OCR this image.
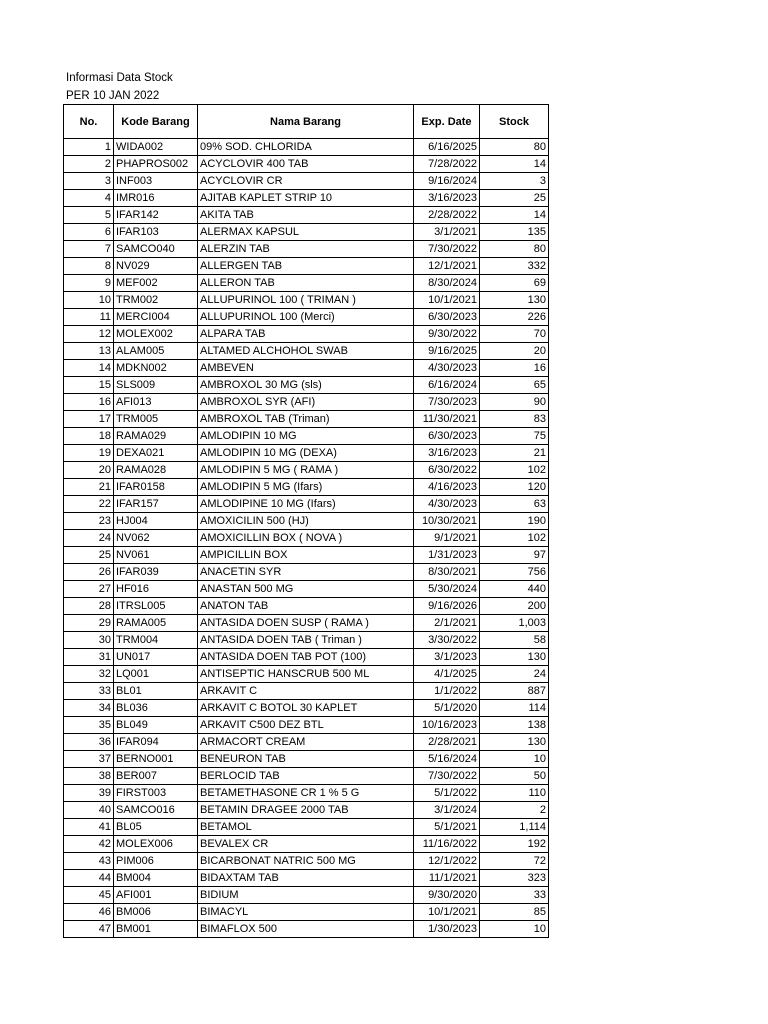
Informasi Data Stock
PER 10 JAN 2022
No.	Kode Barang	Nama Barang	Exp. Date	Stock
1	WIDA002	09% SOD. CHLORIDA	6/16/2025	80
2	PHAPROS002	ACYCLOVIR 400 TAB	7/28/2022	14
3	INF003	ACYCLOVIR CR	9/16/2024	3
4	IMR016	AJITAB KAPLET STRIP 10	3/16/2023	25
5	IFAR142	AKITA TAB	2/28/2022	14
6	IFAR103	ALERMAX KAPSUL	3/1/2021	135
7	SAMCO040	ALERZIN TAB	7/30/2022	80
8	NV029	ALLERGEN TAB	12/1/2021	332
9	MEF002	ALLERON TAB	8/30/2024	69
10	TRM002	ALLUPURINOL 100 ( TRIMAN )	10/1/2021	130
11	MERCI004	ALLUPURINOL 100 (Merci)	6/30/2023	226
12	MOLEX002	ALPARA TAB	9/30/2022	70
13	ALAM005	ALTAMED ALCHOHOL SWAB	9/16/2025	20
14	MDKN002	AMBEVEN	4/30/2023	16
15	SLS009	AMBROXOL 30 MG (sls)	6/16/2024	65
16	AFI013	AMBROXOL SYR (AFI)	7/30/2023	90
17	TRM005	AMBROXOL TAB (Triman)	11/30/2021	83
18	RAMA029	AMLODIPIN 10 MG	6/30/2023	75
19	DEXA021	AMLODIPIN 10 MG (DEXA)	3/16/2023	21
20	RAMA028	AMLODIPIN 5 MG ( RAMA )	6/30/2022	102
21	IFAR0158	AMLODIPIN 5 MG (Ifars)	4/16/2023	120
22	IFAR157	AMLODIPINE 10 MG (Ifars)	4/30/2023	63
23	HJ004	AMOXICILIN 500 (HJ)	10/30/2021	190
24	NV062	AMOXICILLIN BOX ( NOVA )	9/1/2021	102
25	NV061	AMPICILLIN BOX	1/31/2023	97
26	IFAR039	ANACETIN SYR	8/30/2021	756
27	HF016	ANASTAN 500 MG	5/30/2024	440
28	ITRSL005	ANATON TAB	9/16/2026	200
29	RAMA005	ANTASIDA DOEN SUSP ( RAMA )	2/1/2021	1,003
30	TRM004	ANTASIDA DOEN TAB ( Triman )	3/30/2022	58
31	UN017	ANTASIDA DOEN TAB POT (100)	3/1/2023	130
32	LQ001	ANTISEPTIC HANSCRUB 500 ML	4/1/2025	24
33	BL01	ARKAVIT C	1/1/2022	887
34	BL036	ARKAVIT C BOTOL 30 KAPLET	5/1/2020	114
35	BL049	ARKAVIT C500 DEZ BTL	10/16/2023	138
36	IFAR094	ARMACORT CREAM	2/28/2021	130
37	BERNO001	BENEURON TAB	5/16/2024	10
38	BER007	BERLOCID TAB	7/30/2022	50
39	FIRST003	BETAMETHASONE CR 1 % 5 G	5/1/2022	110
40	SAMCO016	BETAMIN DRAGEE 2000 TAB	3/1/2024	2
41	BL05	BETAMOL	5/1/2021	1,114
42	MOLEX006	BEVALEX CR	11/16/2022	192
43	PIM006	BICARBONAT NATRIC 500 MG	12/1/2022	72
44	BM004	BIDAXTAM TAB	11/1/2021	323
45	AFI001	BIDIUM	9/30/2020	33
46	BM006	BIMACYL	10/1/2021	85
47	BM001	BIMAFLOX 500	1/30/2023	10
